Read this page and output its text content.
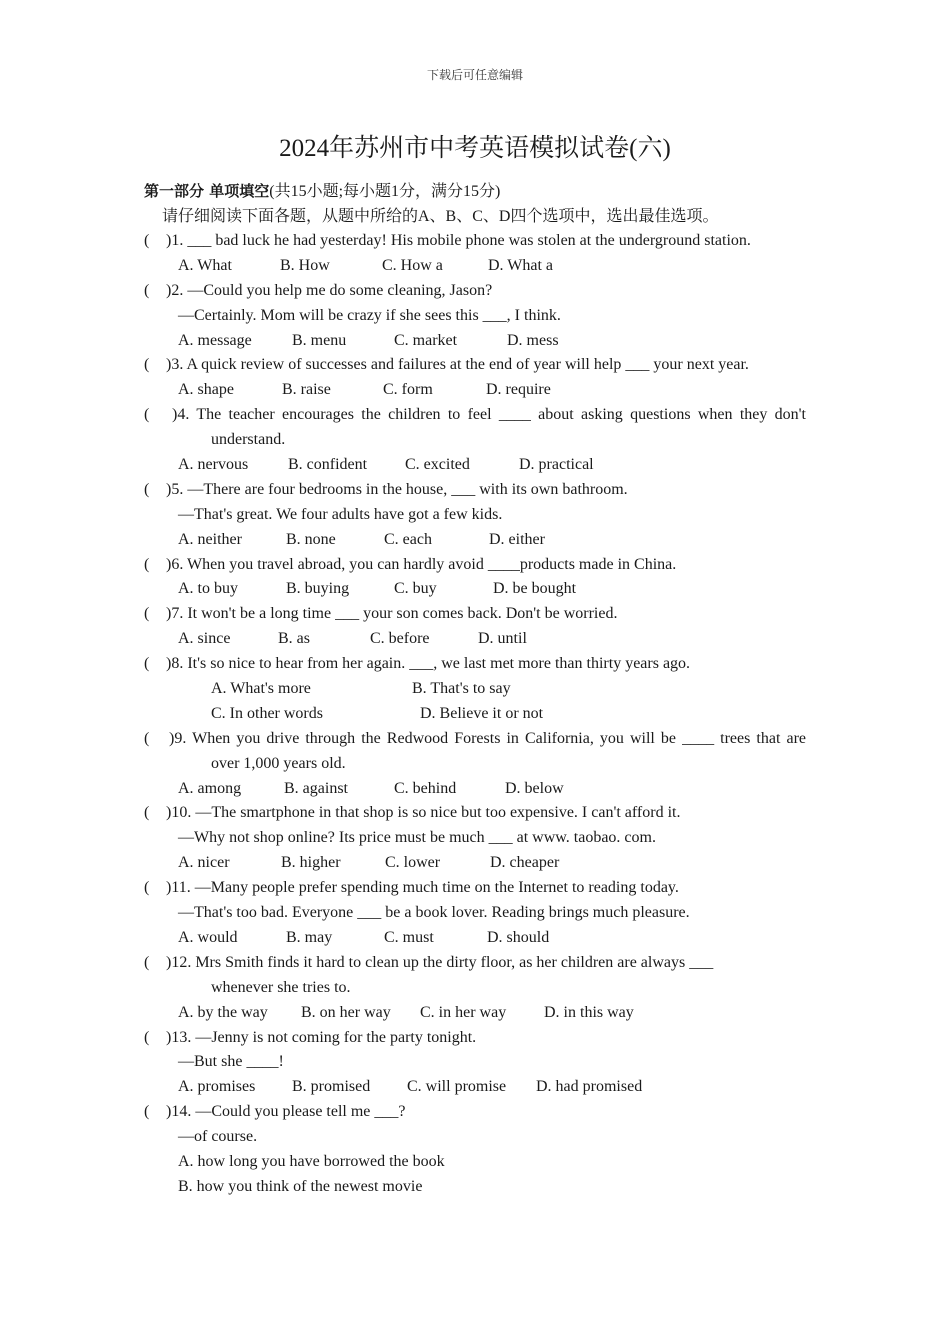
下载后可任意编辑
2024年苏州市中考英语模拟试卷(六)
第一部分 单项填空(共15小题;每小题1分，满分15分)
请仔细阅读下面各题，从题中所给的A、B、C、D四个选项中，选出最佳选项。
(	)1. ___ bad luck he had yesterday! His mobile phone was stolen at the underground station.
A. What	B. How	C. How a	D. What a
(	)2. —Could you help me do some cleaning, Jason?
—Certainly. Mom will be crazy if she sees this ___, I think.
A. message	B. menu	C. market	D. mess
(	)3. A quick review of successes and failures at the end of year will help ___ your next year.
A. shape	B. raise	C. form	D. require
(	)4. The teacher encourages the children to feel ____ about asking questions when they don't
understand.
A. nervous B. confident C. excited	D. practical
(	)5. —There are four bedrooms in the house, ___ with its own bathroom.
—That's great. We four adults have got a few kids.
A. neither	B. none	C. each	D. either
(	)6. When you travel abroad, you can hardly avoid ____products made in China.
A. to buy	B. buying	C. buy	D. be bought
(	)7. It won't be a long time ___ your son comes back. Don't be worried.
A. since	B. as	C. before	D. until
(	)8. It's so nice to hear from her again. ___, we last met more than thirty years ago.
A. What's more	B. That's to say
C. In other words	D. Believe it or not
(	)9. When you drive through the Redwood Forests in California, you will be ____ trees that are
over 1,000 years old.
A. among	B. against	C. behind	D. below
(	)10. —The smartphone in that shop is so nice but too expensive. I can't afford it.
—Why not shop online? Its price must be much ___ at www. taobao. com.
A. nicer	B. higher	C. lower	D. cheaper
(	)11. —Many people prefer spending much time on the Internet to reading today.
—That's too bad. Everyone ___ be a book lover. Reading brings much pleasure.
A. would	B. may	C. must	D. should
(	)12. Mrs Smith finds it hard to clean up the dirty floor, as her children are always ___
whenever she tries to.
A. by the way B. on her way C. in her way D. in this way
(	)13. —Jenny is not coming for the party tonight.
—But she ____!
A. promises B. promised C. will promise D. had promised
(	)14. —Could you please tell me ___?
—of course.
A. how long you have borrowed the book
B. how you think of the newest movie
